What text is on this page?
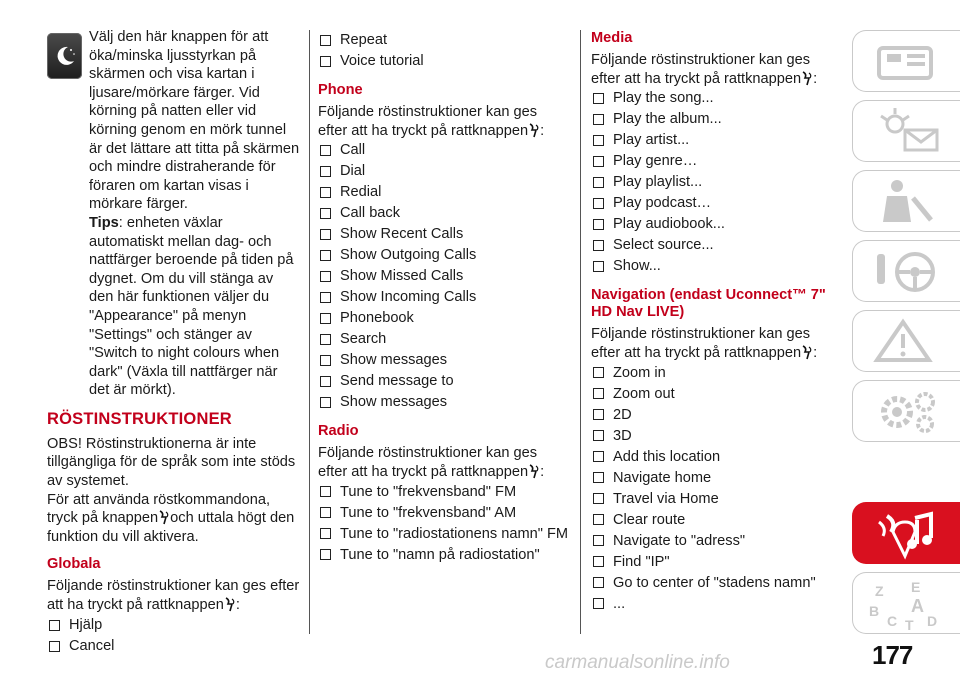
Välj den här knappen för att öka/minska ljusstyrkan på skärmen och visa kartan i ljusare/mörkare färger. Vid körning på natten eller vid körning genom en mörk tunnel är det lättare att titta på skärmen och mindre distraherande för föraren om kartan visas i mörkare färger.

Tips: enheten växlar automatiskt mellan dag- och nattfärger beroende på tiden på dygnet. Om du vill stänga av den här funktionen väljer du "Appearance" på menyn "Settings" och stänger av "Switch to night colours when dark" (Växla till nattfärger när det är mörkt).

RÖSTINSTRUKTIONER

OBS! Röstinstruktionerna är inte tillgängliga för de språk som inte stöds av systemet.

För att använda röstkommandona, tryck på knappen och uttala högt den funktion du vill aktivera.

Globala

Följande röstinstruktioner kan ges efter att ha tryckt på rattknappen :

Hjälp
Cancel
Repeat
Voice tutorial
Phone

Följande röstinstruktioner kan ges efter att ha tryckt på rattknappen :

Call
Dial
Redial
Call back
Show Recent Calls
Show Outgoing Calls
Show Missed Calls
Show Incoming Calls
Phonebook
Search
Show messages
Send message to
Show messages
Radio

Följande röstinstruktioner kan ges efter att ha tryckt på rattknappen :

Tune to "frekvensband" FM
Tune to "frekvensband" AM
Tune to "radiostationens namn" FM
Tune to "namn på radiostation"
Media

Följande röstinstruktioner kan ges efter att ha tryckt på rattknappen :

Play the song...
Play the album...
Play artist...
Play genre…
Play playlist...
Play podcast…
Play audiobook...
Select source...
Show...
Navigation (endast Uconnect™ 7" HD Nav LIVE)

Följande röstinstruktioner kan ges efter att ha tryckt på rattknappen :

Zoom in
Zoom out
2D
3D
Add this location
Navigate home
Travel via Home
Clear route
Navigate to "adress"
Find "IP"
Go to center of "stadens namn"
...
Z E
B A
C T D
177
carmanualsonline.info
